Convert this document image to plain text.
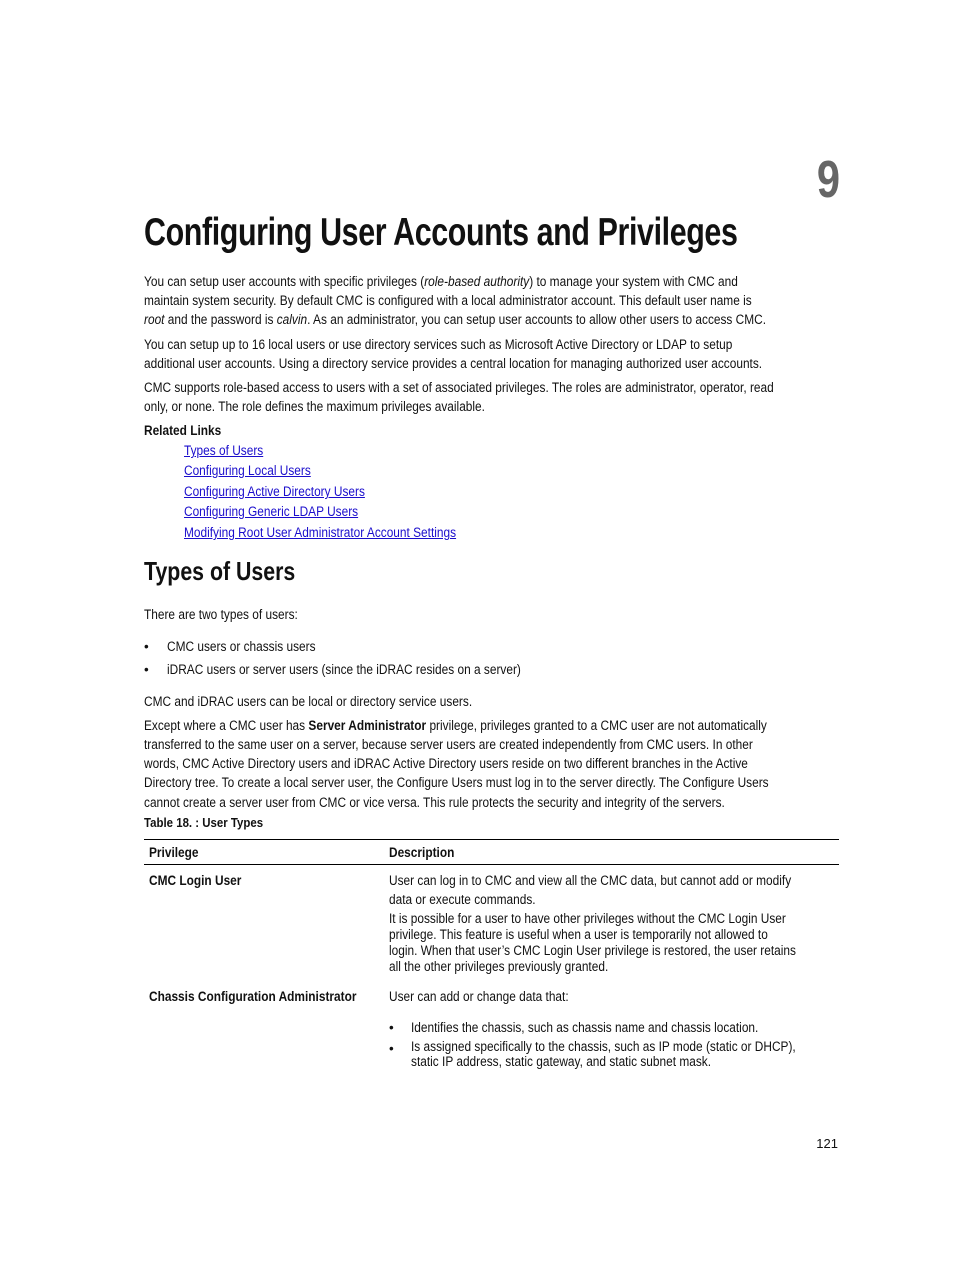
9
Configuring User Accounts and Privileges
You can setup user accounts with specific privileges (role-based authority) to manage your system with CMC and
maintain system security. By default CMC is configured with a local administrator account. This default user name is
root and the password is calvin. As an administrator, you can setup user accounts to allow other users to access CMC.
You can setup up to 16 local users or use directory services such as Microsoft Active Directory or LDAP to setup
additional user accounts. Using a directory service provides a central location for managing authorized user accounts.
CMC supports role-based access to users with a set of associated privileges. The roles are administrator, operator, read
only, or none. The role defines the maximum privileges available.
Related Links
Types of Users
Configuring Local Users
Configuring Active Directory Users
Configuring Generic LDAP Users
Modifying Root User Administrator Account Settings
Types of Users
There are two types of users:
• CMC users or chassis users
• iDRAC users or server users (since the iDRAC resides on a server)
CMC and iDRAC users can be local or directory service users.
Except where a CMC user has Server Administrator privilege, privileges granted to a CMC user are not automatically
transferred to the same user on a server, because server users are created independently from CMC users. In other
words, CMC Active Directory users and iDRAC Active Directory users reside on two different branches in the Active
Directory tree. To create a local server user, the Configure Users must log in to the server directly. The Configure Users
cannot create a server user from CMC or vice versa. This rule protects the security and integrity of the servers.
Table 18. : User Types
Privilege	Description
CMC Login User	User can log in to CMC and view all the CMC data, but cannot add or modify
data or execute commands.
It is possible for a user to have other privileges without the CMC Login User
privilege. This feature is useful when a user is temporarily not allowed to
login. When that user’s CMC Login User privilege is restored, the user retains
all the other privileges previously granted.
Chassis Configuration Administrator User can add or change data that:
• Identifies the chassis, such as chassis name and chassis location.
• Is assigned specifically to the chassis, such as IP mode (static or DHCP),
static IP address, static gateway, and static subnet mask.
121
